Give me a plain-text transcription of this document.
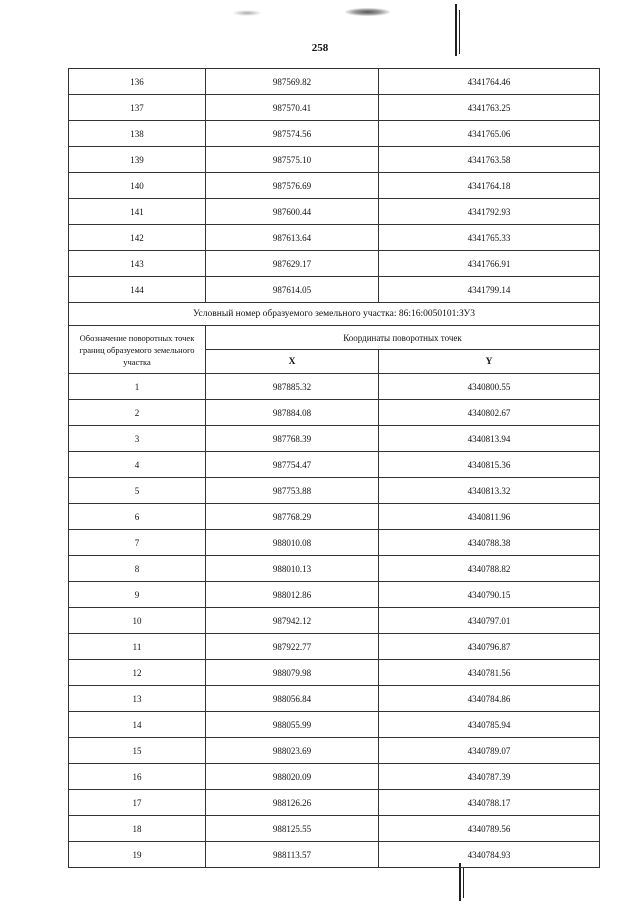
258
136	987569.82	4341764.46
137	987570.41	4341763.25
138	987574.56	4341765.06
139	987575.10	4341763.58
140	987576.69	4341764.18
141	987600.44	4341792.93
142	987613.64	4341765.33
143	987629.17	4341766.91
144	987614.05	4341799.14
Условный номер образуемого земельного участка: 86:16:0050101:ЗУ3		
Обозначение поворотных точек границ образуемого земельного участка	Координаты поворотных точек	
	X	Y
1	987885.32	4340800.55
2	987884.08	4340802.67
3	987768.39	4340813.94
4	987754.47	4340815.36
5	987753.88	4340813.32
6	987768.29	4340811.96
7	988010.08	4340788.38
8	988010.13	4340788.82
9	988012.86	4340790.15
10	987942.12	4340797.01
11	987922.77	4340796.87
12	988079.98	4340781.56
13	988056.84	4340784.86
14	988055.99	4340785.94
15	988023.69	4340789.07
16	988020.09	4340787.39
17	988126.26	4340788.17
18	988125.55	4340789.56
19	988113.57	4340784.93
